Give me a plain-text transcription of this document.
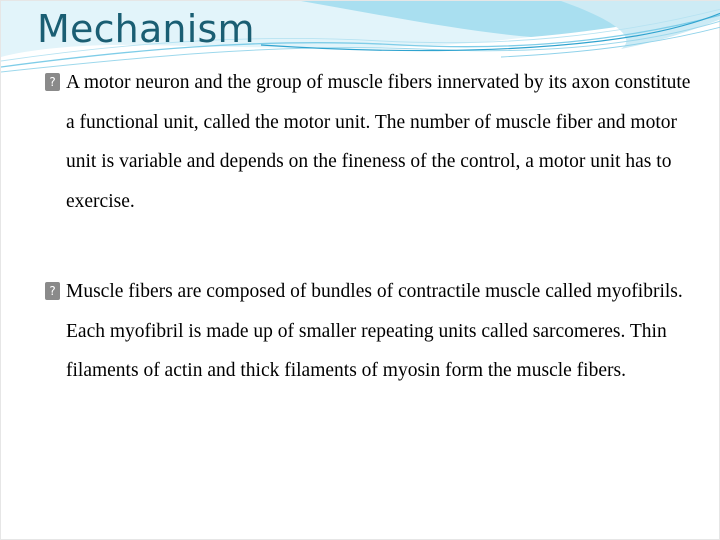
Mechanism
? A motor neuron and the group of muscle fibers innervated by its axon constitute a functional unit, called the motor unit. The number of muscle fiber and motor unit is variable and depends on the fineness of the control, a motor unit has to exercise.
? Muscle fibers are composed of bundles of contractile muscle called myofibrils. Each myofibril is made up of smaller repeating units called sarcomeres. Thin filaments of actin and thick filaments of myosin form the muscle fibers.
